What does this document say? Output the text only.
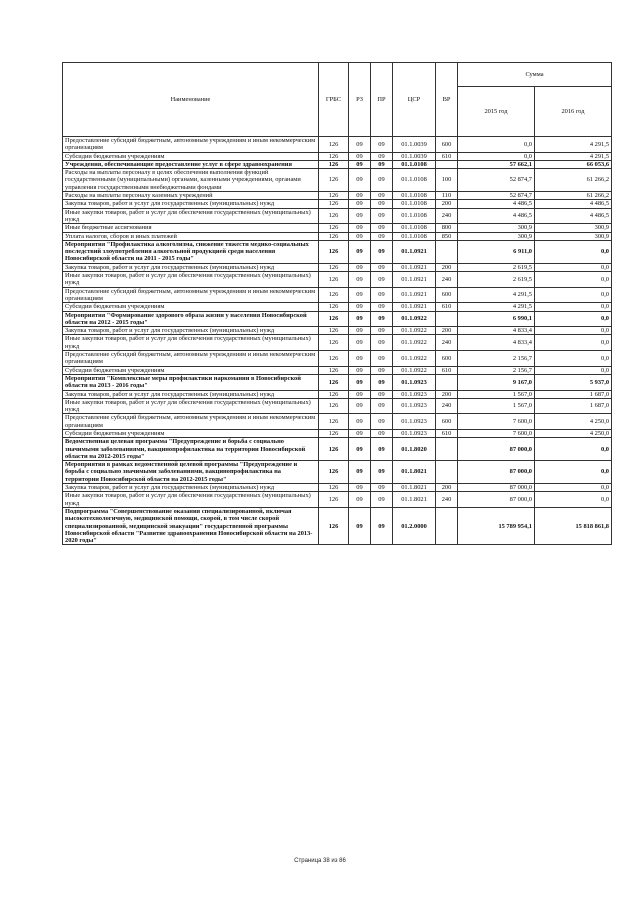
Наименование	ГРБС	РЗ	ПР	ЦСР	ВР	Сумма	
						2015 год	2016 год
Предоставление субсидий бюджетным, автономным учреждениям и иным некоммерческим организациям	126	09	09	01.1.0039	600	0,0	4 291,5
Субсидии бюджетным учреждениям	126	09	09	01.1.0039	610	0,0	4 291,5
Учреждения, обеспечивающие предоставление услуг в сфере здравоохранения	126	09	09	01.1.0108		57 662,1	66 053,6
Расходы на выплаты персоналу в целях обеспечения выполнения функций государственными (муниципальными) органами, казенными учреждениями, органами управления государственными внебюджетными фондами	126	09	09	01.1.0108	100	52 874,7	61 266,2
Расходы на выплаты персоналу казенных учреждений	126	09	09	01.1.0108	110	52 874,7	61 266,2
Закупка товаров, работ и услуг для государственных (муниципальных) нужд	126	09	09	01.1.0108	200	4 486,5	4 486,5
Иные закупки товаров, работ и услуг для обеспечения государственных (муниципальных) нужд	126	09	09	01.1.0108	240	4 486,5	4 486,5
Иные бюджетные ассигнования	126	09	09	01.1.0108	800	300,9	300,9
Уплата налогов, сборов и иных платежей	126	09	09	01.1.0108	850	300,9	300,9
Мероприятия "Профилактика алкоголизма, снижение тяжести медико-социальных последствий злоупотребления алкогольной продукцией среди населения Новосибирской области на 2011 - 2015 годы"	126	09	09	01.1.0921		6 911,0	0,0
Закупка товаров, работ и услуг для государственных (муниципальных) нужд	126	09	09	01.1.0921	200	2 619,5	0,0
Иные закупки товаров, работ и услуг для обеспечения государственных (муниципальных) нужд	126	09	09	01.1.0921	240	2 619,5	0,0
Предоставление субсидий бюджетным, автономным учреждениям и иным некоммерческим организациям	126	09	09	01.1.0921	600	4 291,5	0,0
Субсидии бюджетным учреждениям	126	09	09	01.1.0921	610	4 291,5	0,0
Мероприятия "Формирование здорового образа жизни у населения Новосибирской области на 2012 - 2015 годы"	126	09	09	01.1.0922		6 990,1	0,0
Закупка товаров, работ и услуг для государственных (муниципальных) нужд	126	09	09	01.1.0922	200	4 833,4	0,0
Иные закупки товаров, работ и услуг для обеспечения государственных (муниципальных) нужд	126	09	09	01.1.0922	240	4 833,4	0,0
Предоставление субсидий бюджетным, автономным учреждениям и иным некоммерческим организациям	126	09	09	01.1.0922	600	2 156,7	0,0
Субсидии бюджетным учреждениям	126	09	09	01.1.0922	610	2 156,7	0,0
Мероприятия "Комплексные меры профилактики наркомании в Новосибирской области на 2013 - 2016 годы"	126	09	09	01.1.0923		9 167,0	5 937,0
Закупка товаров, работ и услуг для государственных (муниципальных) нужд	126	09	09	01.1.0923	200	1 567,0	1 687,0
Иные закупки товаров, работ и услуг для обеспечения государственных (муниципальных) нужд	126	09	09	01.1.0923	240	1 567,0	1 687,0
Предоставление субсидий бюджетным, автономным учреждениям и иным некоммерческим организациям	126	09	09	01.1.0923	600	7 600,0	4 250,0
Субсидии бюджетным учреждениям	126	09	09	01.1.0923	610	7 600,0	4 250,0
Ведомственная целевая программа "Предупреждение и борьба с социально значимыми заболеваниями, вакцинопрофилактика на территории Новосибирской области на 2012-2015 годы"	126	09	09	01.1.8020		87 000,0	0,0
Мероприятия в рамках ведомственной целевой программы "Предупреждение и борьба с социально значимыми заболеваниями, вакцинопрофилактика на территории Новосибирской области на 2012-2015 годы"	126	09	09	01.1.8021		87 000,0	0,0
Закупка товаров, работ и услуг для государственных (муниципальных) нужд	126	09	09	01.1.8021	200	87 000,0	0,0
Иные закупки товаров, работ и услуг для обеспечения государственных (муниципальных) нужд	126	09	09	01.1.8021	240	87 000,0	0,0
Подпрограмма "Совершенствование оказания специализированной, включая высокотехнологичную, медицинской помощи, скорой, в том числе скорой специализированной, медицинской эвакуации" государственной программы Новосибирской области "Развитие здравоохранения Новосибирской области на 2013-2020 годы"	126	09	09	01.2.0000		15 789 954,1	15 818 861,8
Страница 38 из 86
